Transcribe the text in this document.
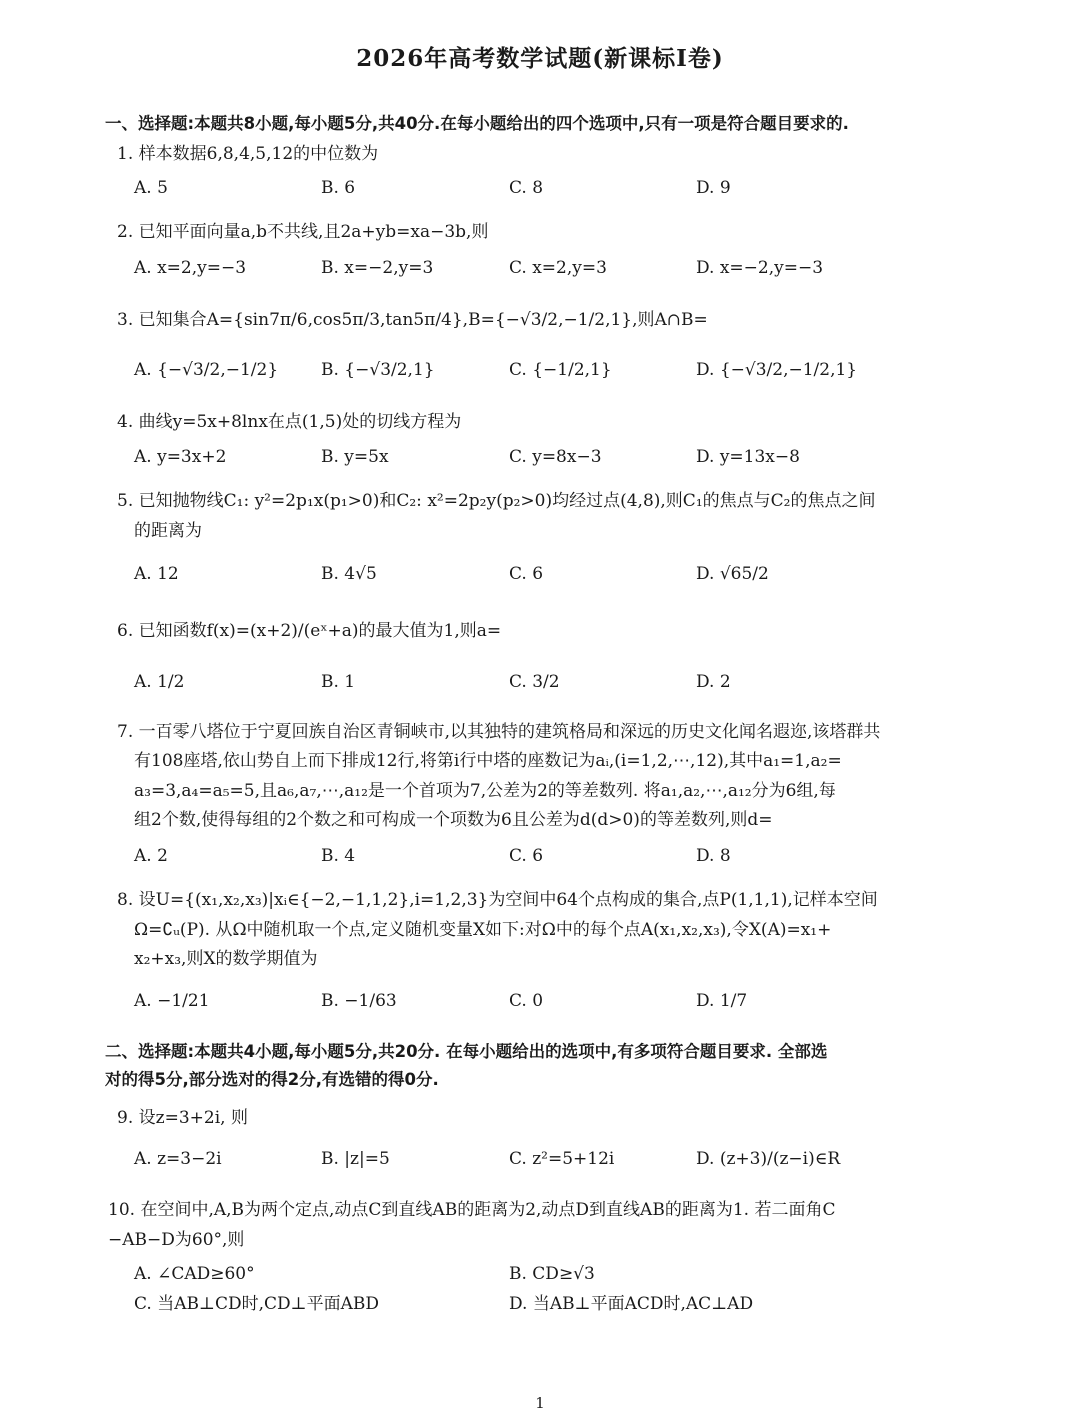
2026年高考数学试题(新课标I卷)
一、选择题:本题共8小题,每小题5分,共40分.在每小题给出的四个选项中,只有一项是符合题目要求的.
1. 样本数据6,8,4,5,12的中位数为
A. 5	B. 6	C. 8	D. 9
2. 已知平面向量a,b不共线,且2a+yb=xa−3b,则
A. x=2,y=−3	B. x=−2,y=3	C. x=2,y=3	D. x=−2,y=−3
3. 已知集合A={sin7π/6,cos5π/3,tan5π/4},B={−√3/2,−1/2,1},则A∩B=
A. {−√3/2,−1/2}	B. {−√3/2,1}	C. {−1/2,1}	D. {−√3/2,−1/2,1}
4. 曲线y=5x+8lnx在点(1,5)处的切线方程为
A. y=3x+2	B. y=5x	C. y=8x−3	D. y=13x−8
5. 已知抛物线C₁: y²=2p₁x(p₁>0)和C₂: x²=2p₂y(p₂>0)均经过点(4,8),则C₁的焦点与C₂的焦点之间
的距离为
A. 12	B. 4√5	C. 6	D. √65/2
6. 已知函数f(x)=(x+2)/(eˣ+a)的最大值为1,则a=
A. 1/2	B. 1	C. 3/2	D. 2
7. 一百零八塔位于宁夏回族自治区青铜峡市,以其独特的建筑格局和深远的历史文化闻名遐迩,该塔群共
有108座塔,依山势自上而下排成12行,将第i行中塔的座数记为aᵢ,(i=1,2,⋯,12),其中a₁=1,a₂=
a₃=3,a₄=a₅=5,且a₆,a₇,⋯,a₁₂是一个首项为7,公差为2的等差数列. 将a₁,a₂,⋯,a₁₂分为6组,每
组2个数,使得每组的2个数之和可构成一个项数为6且公差为d(d>0)的等差数列,则d=
A. 2	B. 4	C. 6	D. 8
8. 设U={(x₁,x₂,x₃)|xᵢ∈{−2,−1,1,2},i=1,2,3}为空间中64个点构成的集合,点P(1,1,1),记样本空间
Ω=∁ᵤ(P). 从Ω中随机取一个点,定义随机变量X如下:对Ω中的每个点A(x₁,x₂,x₃),令X(A)=x₁+
x₂+x₃,则X的数学期值为
A. −1/21	B. −1/63	C. 0	D. 1/7
二、选择题:本题共4小题,每小题5分,共20分. 在每小题给出的选项中,有多项符合题目要求. 全部选
对的得5分,部分选对的得2分,有选错的得0分.
9. 设z=3+2i, 则
A. z=3−2i	B. |z|=5	C. z²=5+12i	D. (z+3)/(z−i)∈R
10. 在空间中,A,B为两个定点,动点C到直线AB的距离为2,动点D到直线AB的距离为1. 若二面角C
−AB−D为60°,则
A. ∠CAD≥60°	B. CD≥√3
C. 当AB⊥CD时,CD⊥平面ABD	D. 当AB⊥平面ACD时,AC⊥AD
1
